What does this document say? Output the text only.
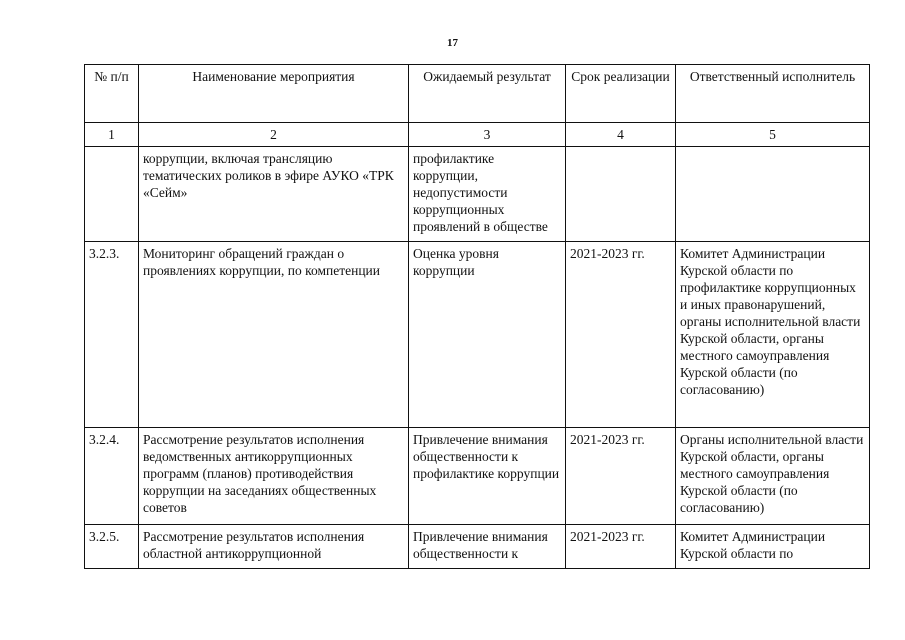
17
№ п/п	Наименование мероприятия	Ожидаемый результат	Срок реализации	Ответственный исполнитель
1	2	3	4	5
	коррупции, включая трансляцию тематических роликов в эфире АУКО «ТРК «Сейм»	профилактике коррупции, недопустимости коррупционных проявлений в обществе		
3.2.3.	Мониторинг обращений граждан о проявлениях коррупции, по компетенции	Оценка уровня коррупции	2021-2023 гг.	Комитет Администрации Курской области по профилактике коррупционных и иных правонарушений, органы исполнительной власти Курской области, органы местного самоуправления Курской области (по согласованию)
3.2.4.	Рассмотрение результатов исполнения ведомственных антикоррупционных программ (планов) противодействия коррупции на заседаниях общественных советов	Привлечение внимания общественности к профилактике коррупции	2021-2023 гг.	Органы исполнительной власти Курской области, органы местного самоуправления Курской области (по согласованию)
3.2.5.	Рассмотрение результатов исполнения областной антикоррупционной	Привлечение внимания общественности к	2021-2023 гг.	Комитет Администрации Курской области по
